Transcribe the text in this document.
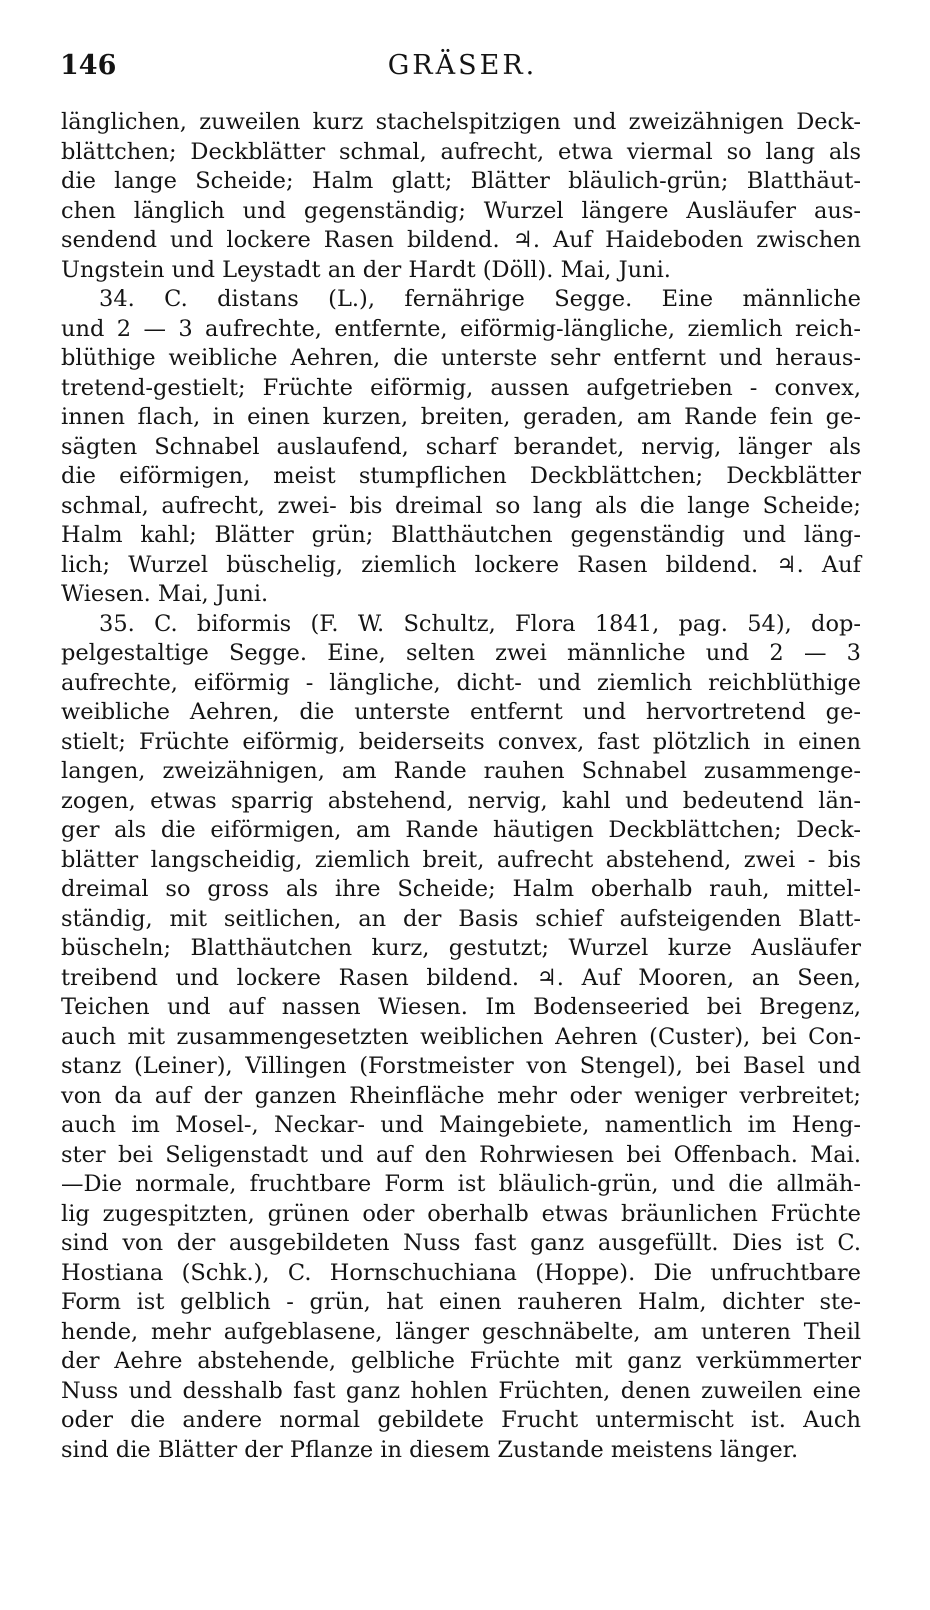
146	GRÄSER.
länglichen, zuweilen kurz stachelspitzigen und zweizähnigen Deck-
blättchen; Deckblätter schmal, aufrecht, etwa viermal so lang als
die lange Scheide; Halm glatt; Blätter bläulich-grün; Blatthäut-
chen länglich und gegenständig; Wurzel längere Ausläufer aus-
sendend und lockere Rasen bildend. ♃. Auf Haideboden zwischen
Ungstein und Leystadt an der Hardt (Döll). Mai, Juni.
34. C. distans (L.), fernährige Segge. Eine männliche
und 2 — 3 aufrechte, entfernte, eiförmig-längliche, ziemlich reich-
blüthige weibliche Aehren, die unterste sehr entfernt und heraus-
tretend-gestielt; Früchte eiförmig, aussen aufgetrieben - convex,
innen flach, in einen kurzen, breiten, geraden, am Rande fein ge-
sägten Schnabel auslaufend, scharf berandet, nervig, länger als
die eiförmigen, meist stumpflichen Deckblättchen; Deckblätter
schmal, aufrecht, zwei- bis dreimal so lang als die lange Scheide;
Halm kahl; Blätter grün; Blatthäutchen gegenständig und läng-
lich; Wurzel büschelig, ziemlich lockere Rasen bildend. ♃. Auf
Wiesen. Mai, Juni.
35. C. biformis (F. W. Schultz, Flora 1841, pag. 54), dop-
pelgestaltige Segge. Eine, selten zwei männliche und 2 — 3
aufrechte, eiförmig - längliche, dicht- und ziemlich reichblüthige
weibliche Aehren, die unterste entfernt und hervortretend ge-
stielt; Früchte eiförmig, beiderseits convex, fast plötzlich in einen
langen, zweizähnigen, am Rande rauhen Schnabel zusammenge-
zogen, etwas sparrig abstehend, nervig, kahl und bedeutend län-
ger als die eiförmigen, am Rande häutigen Deckblättchen; Deck-
blätter langscheidig, ziemlich breit, aufrecht abstehend, zwei - bis
dreimal so gross als ihre Scheide; Halm oberhalb rauh, mittel-
ständig, mit seitlichen, an der Basis schief aufsteigenden Blatt-
büscheln; Blatthäutchen kurz, gestutzt; Wurzel kurze Ausläufer
treibend und lockere Rasen bildend. ♃. Auf Mooren, an Seen,
Teichen und auf nassen Wiesen. Im Bodenseeried bei Bregenz,
auch mit zusammengesetzten weiblichen Aehren (Custer), bei Con-
stanz (Leiner), Villingen (Forstmeister von Stengel), bei Basel und
von da auf der ganzen Rheinfläche mehr oder weniger verbreitet;
auch im Mosel-, Neckar- und Maingebiete, namentlich im Heng-
ster bei Seligenstadt und auf den Rohrwiesen bei Offenbach. Mai.
—Die normale, fruchtbare Form ist bläulich-grün, und die allmäh-
lig zugespitzten, grünen oder oberhalb etwas bräunlichen Früchte
sind von der ausgebildeten Nuss fast ganz ausgefüllt. Dies ist C.
Hostiana (Schk.), C. Hornschuchiana (Hoppe). Die unfruchtbare
Form ist gelblich - grün, hat einen rauheren Halm, dichter ste-
hende, mehr aufgeblasene, länger geschnäbelte, am unteren Theil
der Aehre abstehende, gelbliche Früchte mit ganz verkümmerter
Nuss und desshalb fast ganz hohlen Früchten, denen zuweilen eine
oder die andere normal gebildete Frucht untermischt ist. Auch
sind die Blätter der Pflanze in diesem Zustande meistens länger.
